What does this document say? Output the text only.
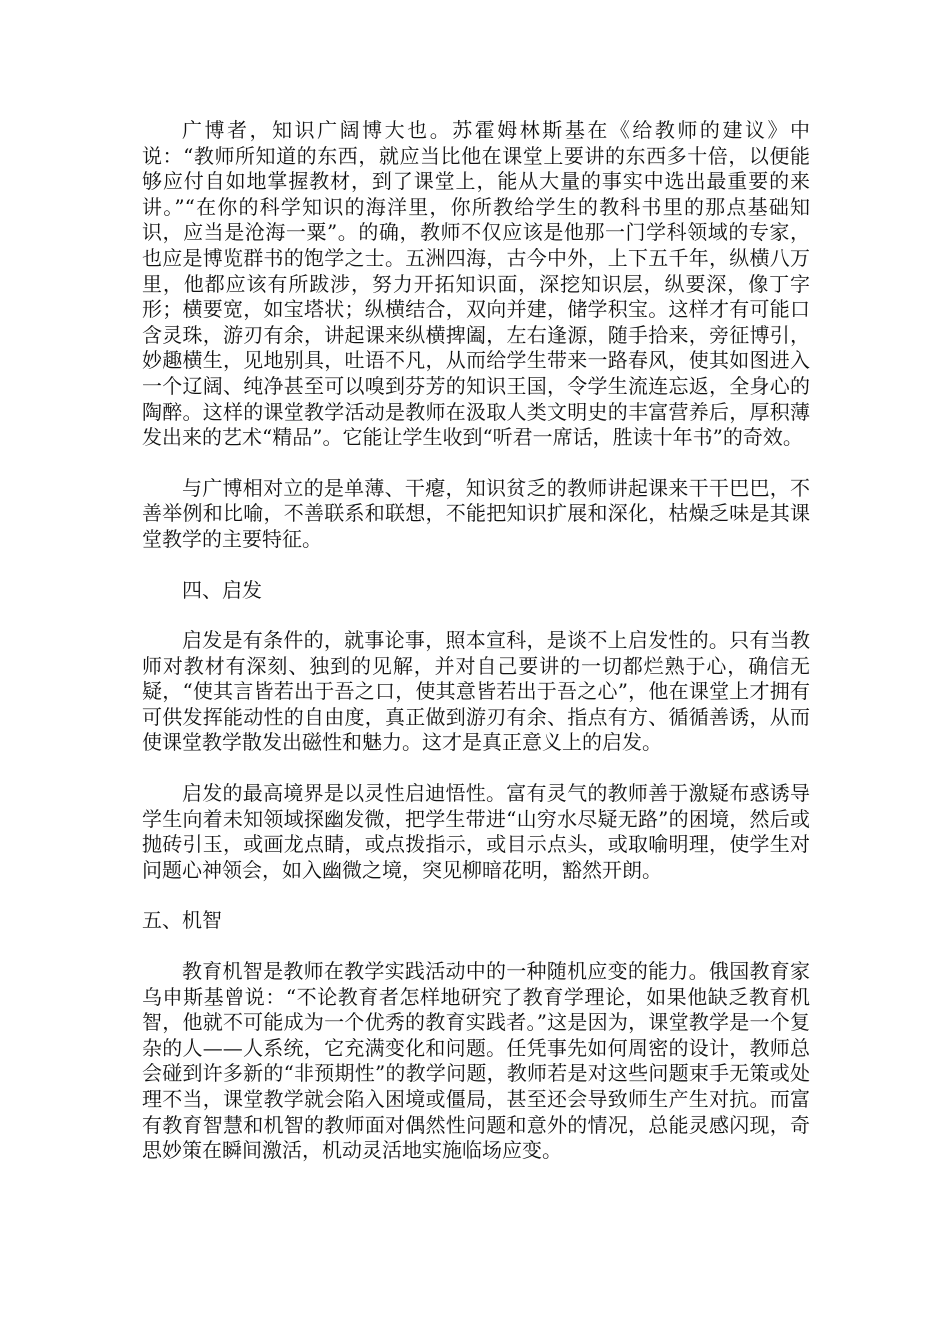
广博者，知识广阔博大也。苏霍姆林斯基在《给教师的建议》中说：“教师所知道的东西，就应当比他在课堂上要讲的东西多十倍，以便能够应付自如地掌握教材，到了课堂上，能从大量的事实中选出最重要的来讲。”“在你的科学知识的海洋里，你所教给学生的教科书里的那点基础知识，应当是沧海一粟”。的确，教师不仅应该是他那一门学科领域的专家，也应是博览群书的饱学之士。五洲四海，古今中外，上下五千年，纵横八万里，他都应该有所跋涉，努力开拓知识面，深挖知识层，纵要深，像丁字形；横要宽，如宝塔状；纵横结合，双向并建，储学积宝。这样才有可能口含灵珠，游刃有余，讲起课来纵横捭阖，左右逢源，随手拾来，旁征博引，妙趣横生，见地别具，吐语不凡，从而给学生带来一路春风，使其如图进入一个辽阔、纯净甚至可以嗅到芬芳的知识王国，令学生流连忘返，全身心的陶醉。这样的课堂教学活动是教师在汲取人类文明史的丰富营养后，厚积薄发出来的艺术“精品”。它能让学生收到“听君一席话，胜读十年书”的奇效。

与广博相对立的是单薄、干瘪，知识贫乏的教师讲起课来干干巴巴，不善举例和比喻，不善联系和联想，不能把知识扩展和深化，枯燥乏味是其课堂教学的主要特征。

四、启发

启发是有条件的，就事论事，照本宣科，是谈不上启发性的。只有当教师对教材有深刻、独到的见解，并对自己要讲的一切都烂熟于心，确信无疑，“使其言皆若出于吾之口，使其意皆若出于吾之心”，他在课堂上才拥有可供发挥能动性的自由度，真正做到游刃有余、指点有方、循循善诱，从而使课堂教学散发出磁性和魅力。这才是真正意义上的启发。

启发的最高境界是以灵性启迪悟性。富有灵气的教师善于激疑布惑诱导学生向着未知领域探幽发微，把学生带进“山穷水尽疑无路”的困境，然后或抛砖引玉，或画龙点睛，或点拨指示，或目示点头，或取喻明理，使学生对问题心神领会，如入幽微之境，突见柳暗花明，豁然开朗。

五、机智

教育机智是教师在教学实践活动中的一种随机应变的能力。俄国教育家乌申斯基曾说：“不论教育者怎样地研究了教育学理论，如果他缺乏教育机智，他就不可能成为一个优秀的教育实践者。”这是因为，课堂教学是一个复杂的人——人系统，它充满变化和问题。任凭事先如何周密的设计，教师总会碰到许多新的“非预期性”的教学问题，教师若是对这些问题束手无策或处理不当，课堂教学就会陷入困境或僵局，甚至还会导致师生产生对抗。而富有教育智慧和机智的教师面对偶然性问题和意外的情况，总能灵感闪现，奇思妙策在瞬间激活，机动灵活地实施临场应变。
